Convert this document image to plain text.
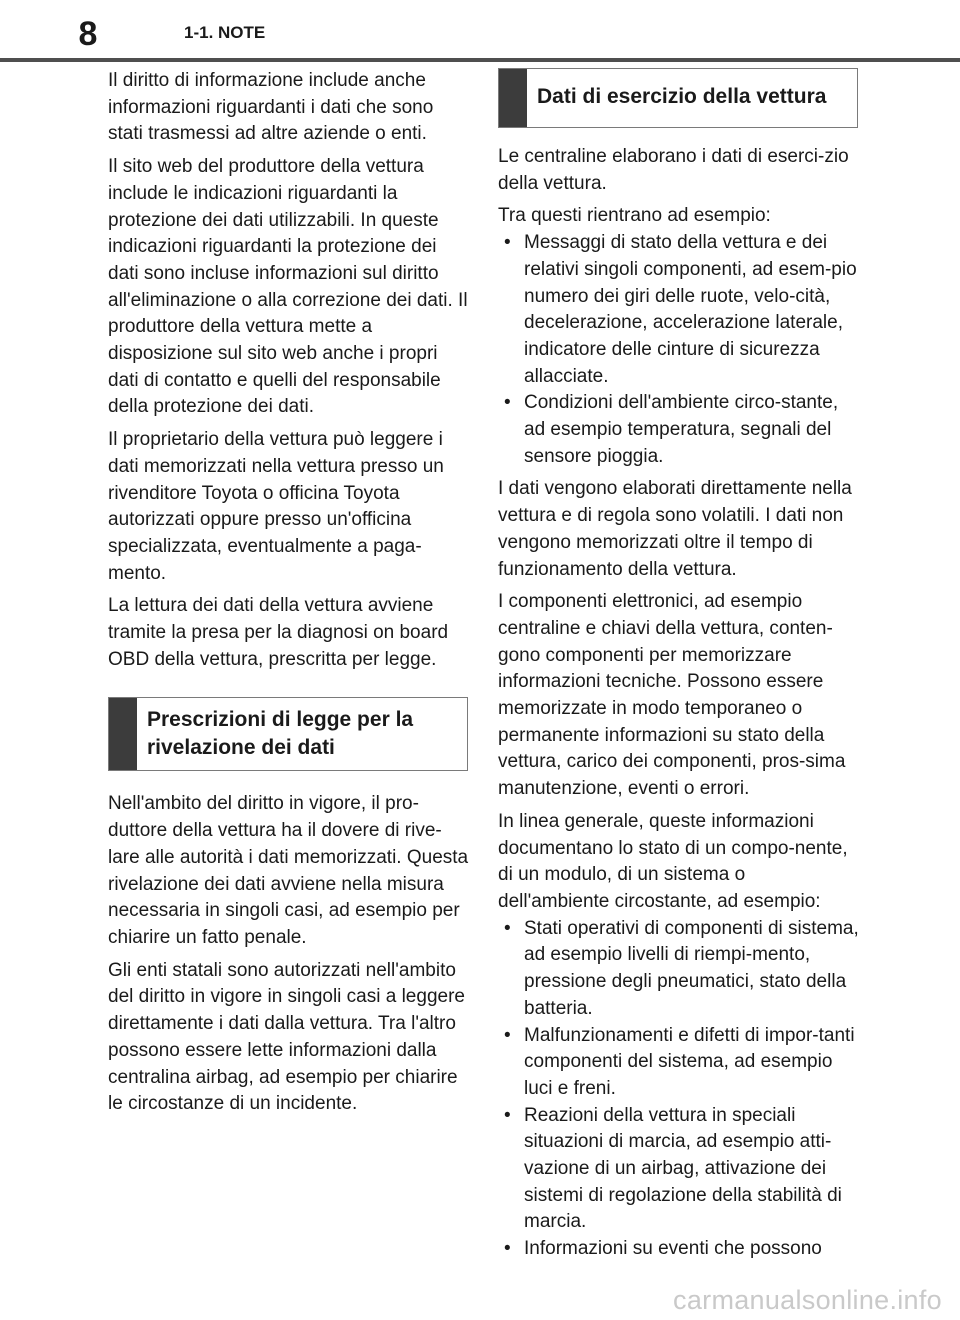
8	1-1. NOTE

Il diritto di informazione include anche informazioni riguardanti i dati che sono stati trasmessi ad altre aziende o enti.

Il sito web del produttore della vettura include le indicazioni riguardanti la protezione dei dati utilizzabili. In queste indicazioni riguardanti la protezione dei dati sono incluse informazioni sul diritto all'eliminazione o alla correzione dei dati. Il produttore della vettura mette a disposizione sul sito web anche i propri dati di contatto e quelli del responsabile della protezione dei dati.

Il proprietario della vettura può leggere i dati memorizzati nella vettura presso un rivenditore Toyota o officina Toyota autorizzati oppure presso un'officina specializzata, eventualmente a paga-mento.

La lettura dei dati della vettura avviene tramite la presa per la diagnosi on board OBD della vettura, prescritta per legge.

Prescrizioni di legge per la rivelazione dei dati

Nell'ambito del diritto in vigore, il pro-duttore della vettura ha il dovere di rive-lare alle autorità i dati memorizzati. Questa rivelazione dei dati avviene nella misura necessaria in singoli casi, ad esempio per chiarire un fatto penale.

Gli enti statali sono autorizzati nell'ambito del diritto in vigore in singoli casi a leggere direttamente i dati dalla vettura. Tra l'altro possono essere lette informazioni dalla centralina airbag, ad esempio per chiarire le circostanze di un incidente.

Dati di esercizio della vettura

Le centraline elaborano i dati di eserci-zio della vettura.

Tra questi rientrano ad esempio:

• Messaggi di stato della vettura e dei relativi singoli componenti, ad esem-pio numero dei giri delle ruote, velo-cità, decelerazione, accelerazione laterale, indicatore delle cinture di sicurezza allacciate.
• Condizioni dell'ambiente circo-stante, ad esempio temperatura, segnali del sensore pioggia.

I dati vengono elaborati direttamente nella vettura e di regola sono volatili. I dati non vengono memorizzati oltre il tempo di funzionamento della vettura.

I componenti elettronici, ad esempio centraline e chiavi della vettura, conten-gono componenti per memorizzare informazioni tecniche. Possono essere memorizzate in modo temporaneo o permanente informazioni su stato della vettura, carico dei componenti, pros-sima manutenzione, eventi o errori.

In linea generale, queste informazioni documentano lo stato di un compo-nente, di un modulo, di un sistema o dell'ambiente circostante, ad esempio:

• Stati operativi di componenti di sistema, ad esempio livelli di riempi-mento, pressione degli pneumatici, stato della batteria.
• Malfunzionamenti e difetti di impor-tanti componenti del sistema, ad esempio luci e freni.
• Reazioni della vettura in speciali situazioni di marcia, ad esempio atti-vazione di un airbag, attivazione dei sistemi di regolazione della stabilità di marcia.
• Informazioni su eventi che possono
carmanualsonline.info
